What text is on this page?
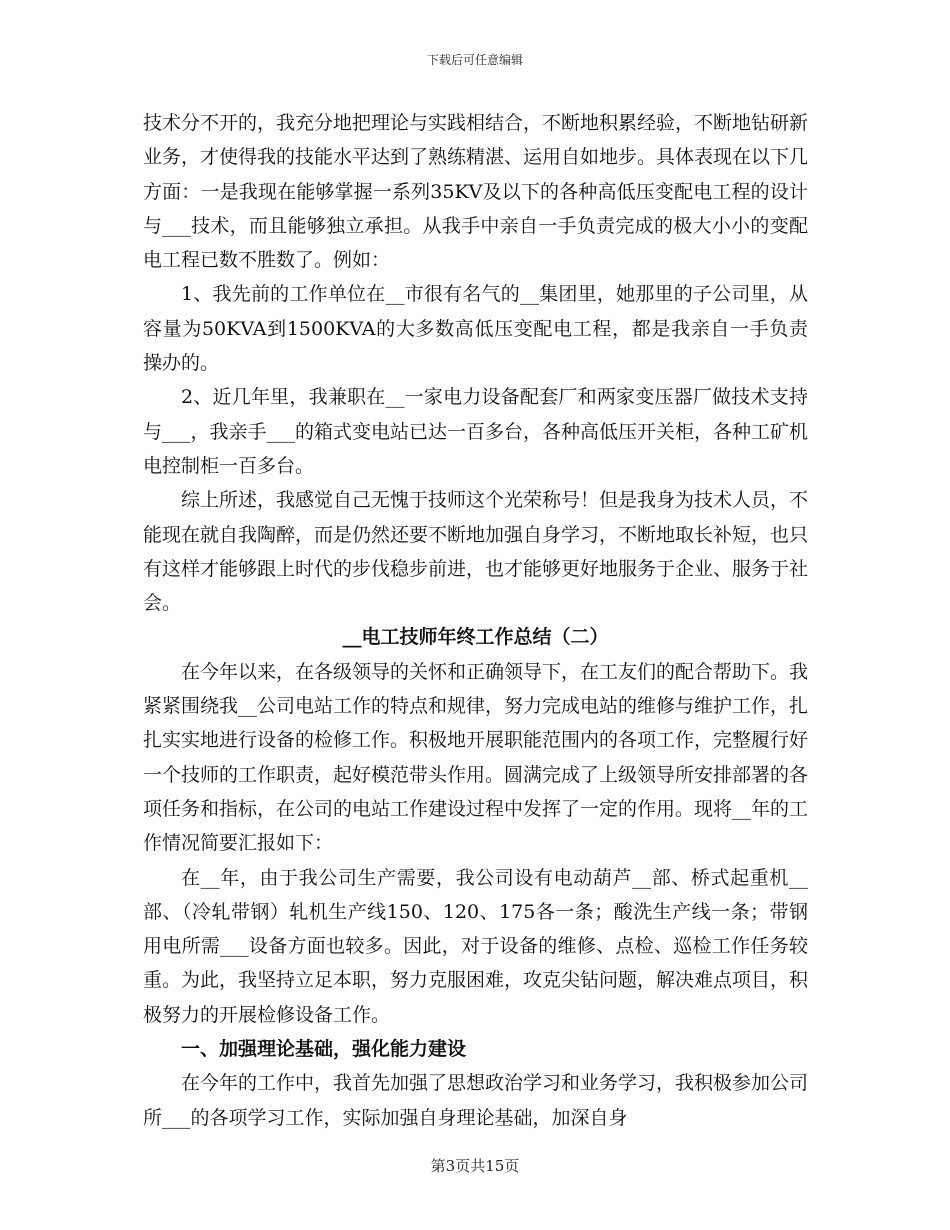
下载后可任意编辑

技术分不开的，我充分地把理论与实践相结合，不断地积累经验，不断地钻研新业务，才使得我的技能水平达到了熟练精湛、运用自如地步。具体表现在以下几方面：一是我现在能够掌握一系列35KV及以下的各种高低压变配电工程的设计与___技术，而且能够独立承担。从我手中亲自一手负责完成的极大小小的变配电工程已数不胜数了。例如：

1、我先前的工作单位在__市很有名气的__集团里，她那里的子公司里，从容量为50KVA到1500KVA的大多数高低压变配电工程，都是我亲自一手负责操办的。

2、近几年里，我兼职在__一家电力设备配套厂和两家变压器厂做技术支持与___，我亲手___的箱式变电站已达一百多台，各种高低压开关柜，各种工矿机电控制柜一百多台。

综上所述，我感觉自己无愧于技师这个光荣称号！但是我身为技术人员，不能现在就自我陶醉，而是仍然还要不断地加强自身学习，不断地取长补短，也只有这样才能够跟上时代的步伐稳步前进，也才能够更好地服务于企业、服务于社会。

__电工技师年终工作总结（二）

在今年以来，在各级领导的关怀和正确领导下，在工友们的配合帮助下。我紧紧围绕我__公司电站工作的特点和规律，努力完成电站的维修与维护工作，扎扎实实地进行设备的检修工作。积极地开展职能范围内的各项工作，完整履行好一个技师的工作职责，起好模范带头作用。圆满完成了上级领导所安排部署的各项任务和指标，在公司的电站工作建设过程中发挥了一定的作用。现将__年的工作情况简要汇报如下：

在__年，由于我公司生产需要，我公司设有电动葫芦__部、桥式起重机__部、（冷轧带钢）轧机生产线150、120、175各一条；酸洗生产线一条；带钢用电所需___设备方面也较多。因此，对于设备的维修、点检、巡检工作任务较重。为此，我坚持立足本职，努力克服困难，攻克尖钻问题，解决难点项目，积极努力的开展检修设备工作。

一、加强理论基础，强化能力建设

在今年的工作中，我首先加强了思想政治学习和业务学习，我积极参加公司所___的各项学习工作，实际加强自身理论基础，加深自身

第3页共15页
